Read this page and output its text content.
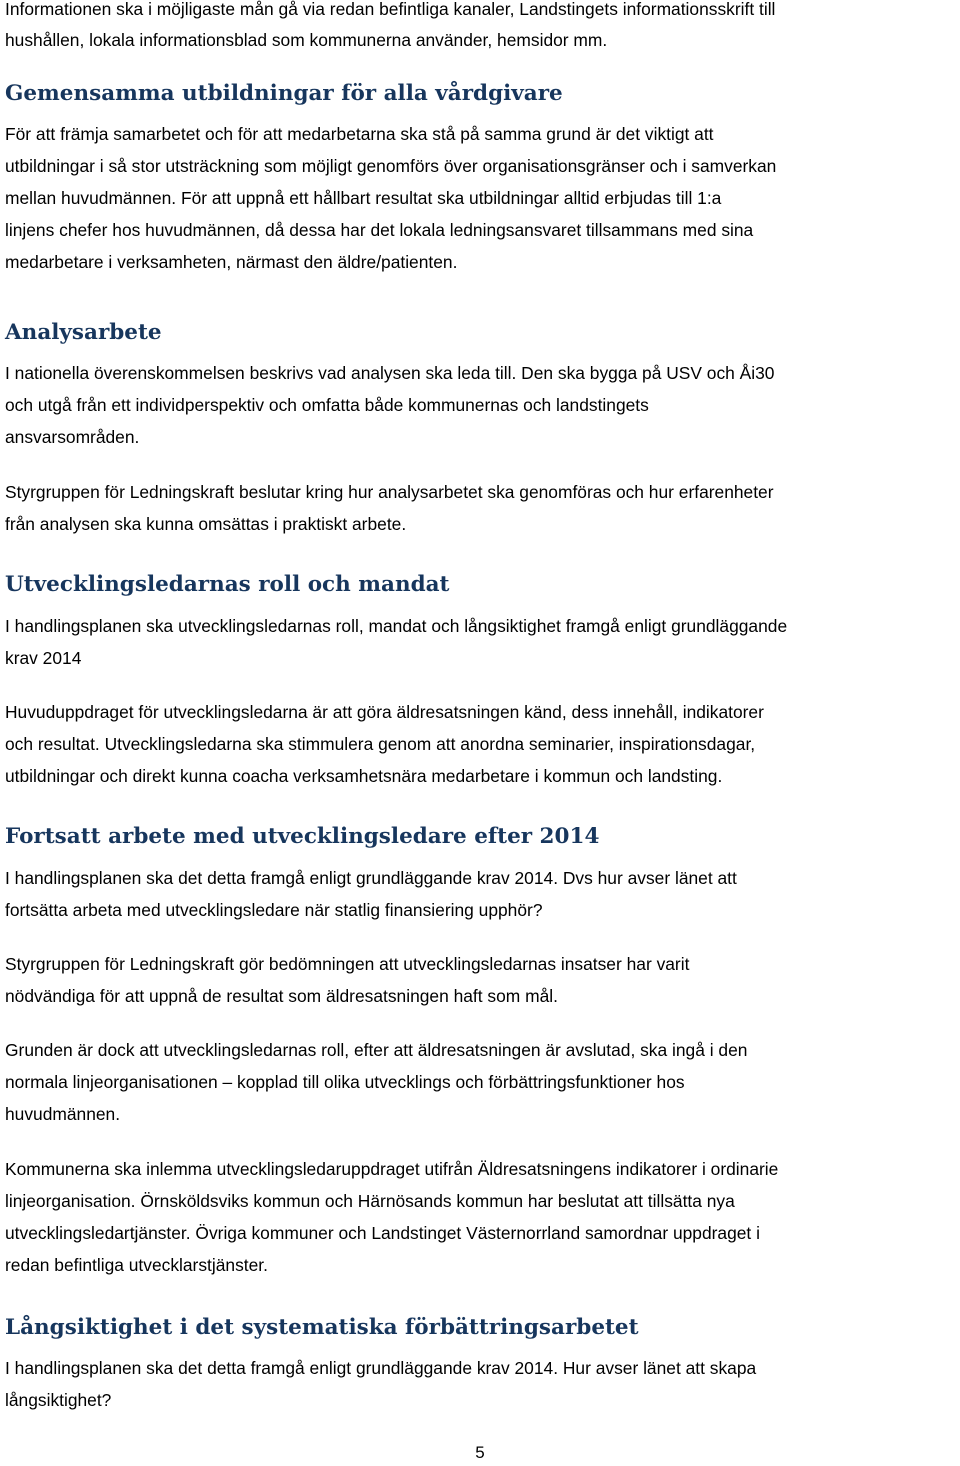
Informationen ska i möjligaste mån gå via redan befintliga kanaler, Landstingets informationsskrift till
hushållen, lokala informationsblad som kommunerna använder, hemsidor mm.

Gemensamma utbildningar för alla vårdgivare

För att främja samarbetet och för att medarbetarna ska stå på samma grund är det viktigt att
utbildningar i så stor utsträckning som möjligt genomförs över organisationsgränser och i samverkan
mellan huvudmännen. För att uppnå ett hållbart resultat ska utbildningar alltid erbjudas till 1:a
linjens chefer hos huvudmännen, då dessa har det lokala ledningsansvaret tillsammans med sina
medarbetare i verksamheten, närmast den äldre/patienten.

Analysarbete

I nationella överenskommelsen beskrivs vad analysen ska leda till. Den ska bygga på USV och Åi30
och utgå från ett individperspektiv och omfatta både kommunernas och landstingets
ansvarsområden.

Styrgruppen för Ledningskraft beslutar kring hur analysarbetet ska genomföras och hur erfarenheter
från analysen ska kunna omsättas i praktiskt arbete.

Utvecklingsledarnas roll och mandat

I handlingsplanen ska utvecklingsledarnas roll, mandat och långsiktighet framgå enligt grundläggande
krav 2014

Huvuduppdraget för utvecklingsledarna är att göra äldresatsningen känd, dess innehåll, indikatorer
och resultat. Utvecklingsledarna ska stimmulera genom att anordna seminarier, inspirationsdagar,
utbildningar och direkt kunna coacha verksamhetsnära medarbetare i kommun och landsting.

Fortsatt arbete med utvecklingsledare efter 2014

I handlingsplanen ska det detta framgå enligt grundläggande krav 2014. Dvs hur avser länet att
fortsätta arbeta med utvecklingsledare när statlig finansiering upphör?

Styrgruppen för Ledningskraft gör bedömningen att utvecklingsledarnas insatser har varit
nödvändiga för att uppnå de resultat som äldresatsningen haft som mål.

Grunden är dock att utvecklingsledarnas roll, efter att äldresatsningen är avslutad, ska ingå i den
normala linjeorganisationen – kopplad till olika utvecklings och förbättringsfunktioner hos
huvudmännen.

Kommunerna ska inlemma utvecklingsledaruppdraget utifrån Äldresatsningens indikatorer i ordinarie
linjeorganisation. Örnsköldsviks kommun och Härnösands kommun har beslutat att tillsätta nya
utvecklingsledartjänster. Övriga kommuner och Landstinget Västernorrland samordnar uppdraget i
redan befintliga utvecklarstjänster.

Långsiktighet i det systematiska förbättringsarbetet

I handlingsplanen ska det detta framgå enligt grundläggande krav 2014. Hur avser länet att skapa
långsiktighet?

5
